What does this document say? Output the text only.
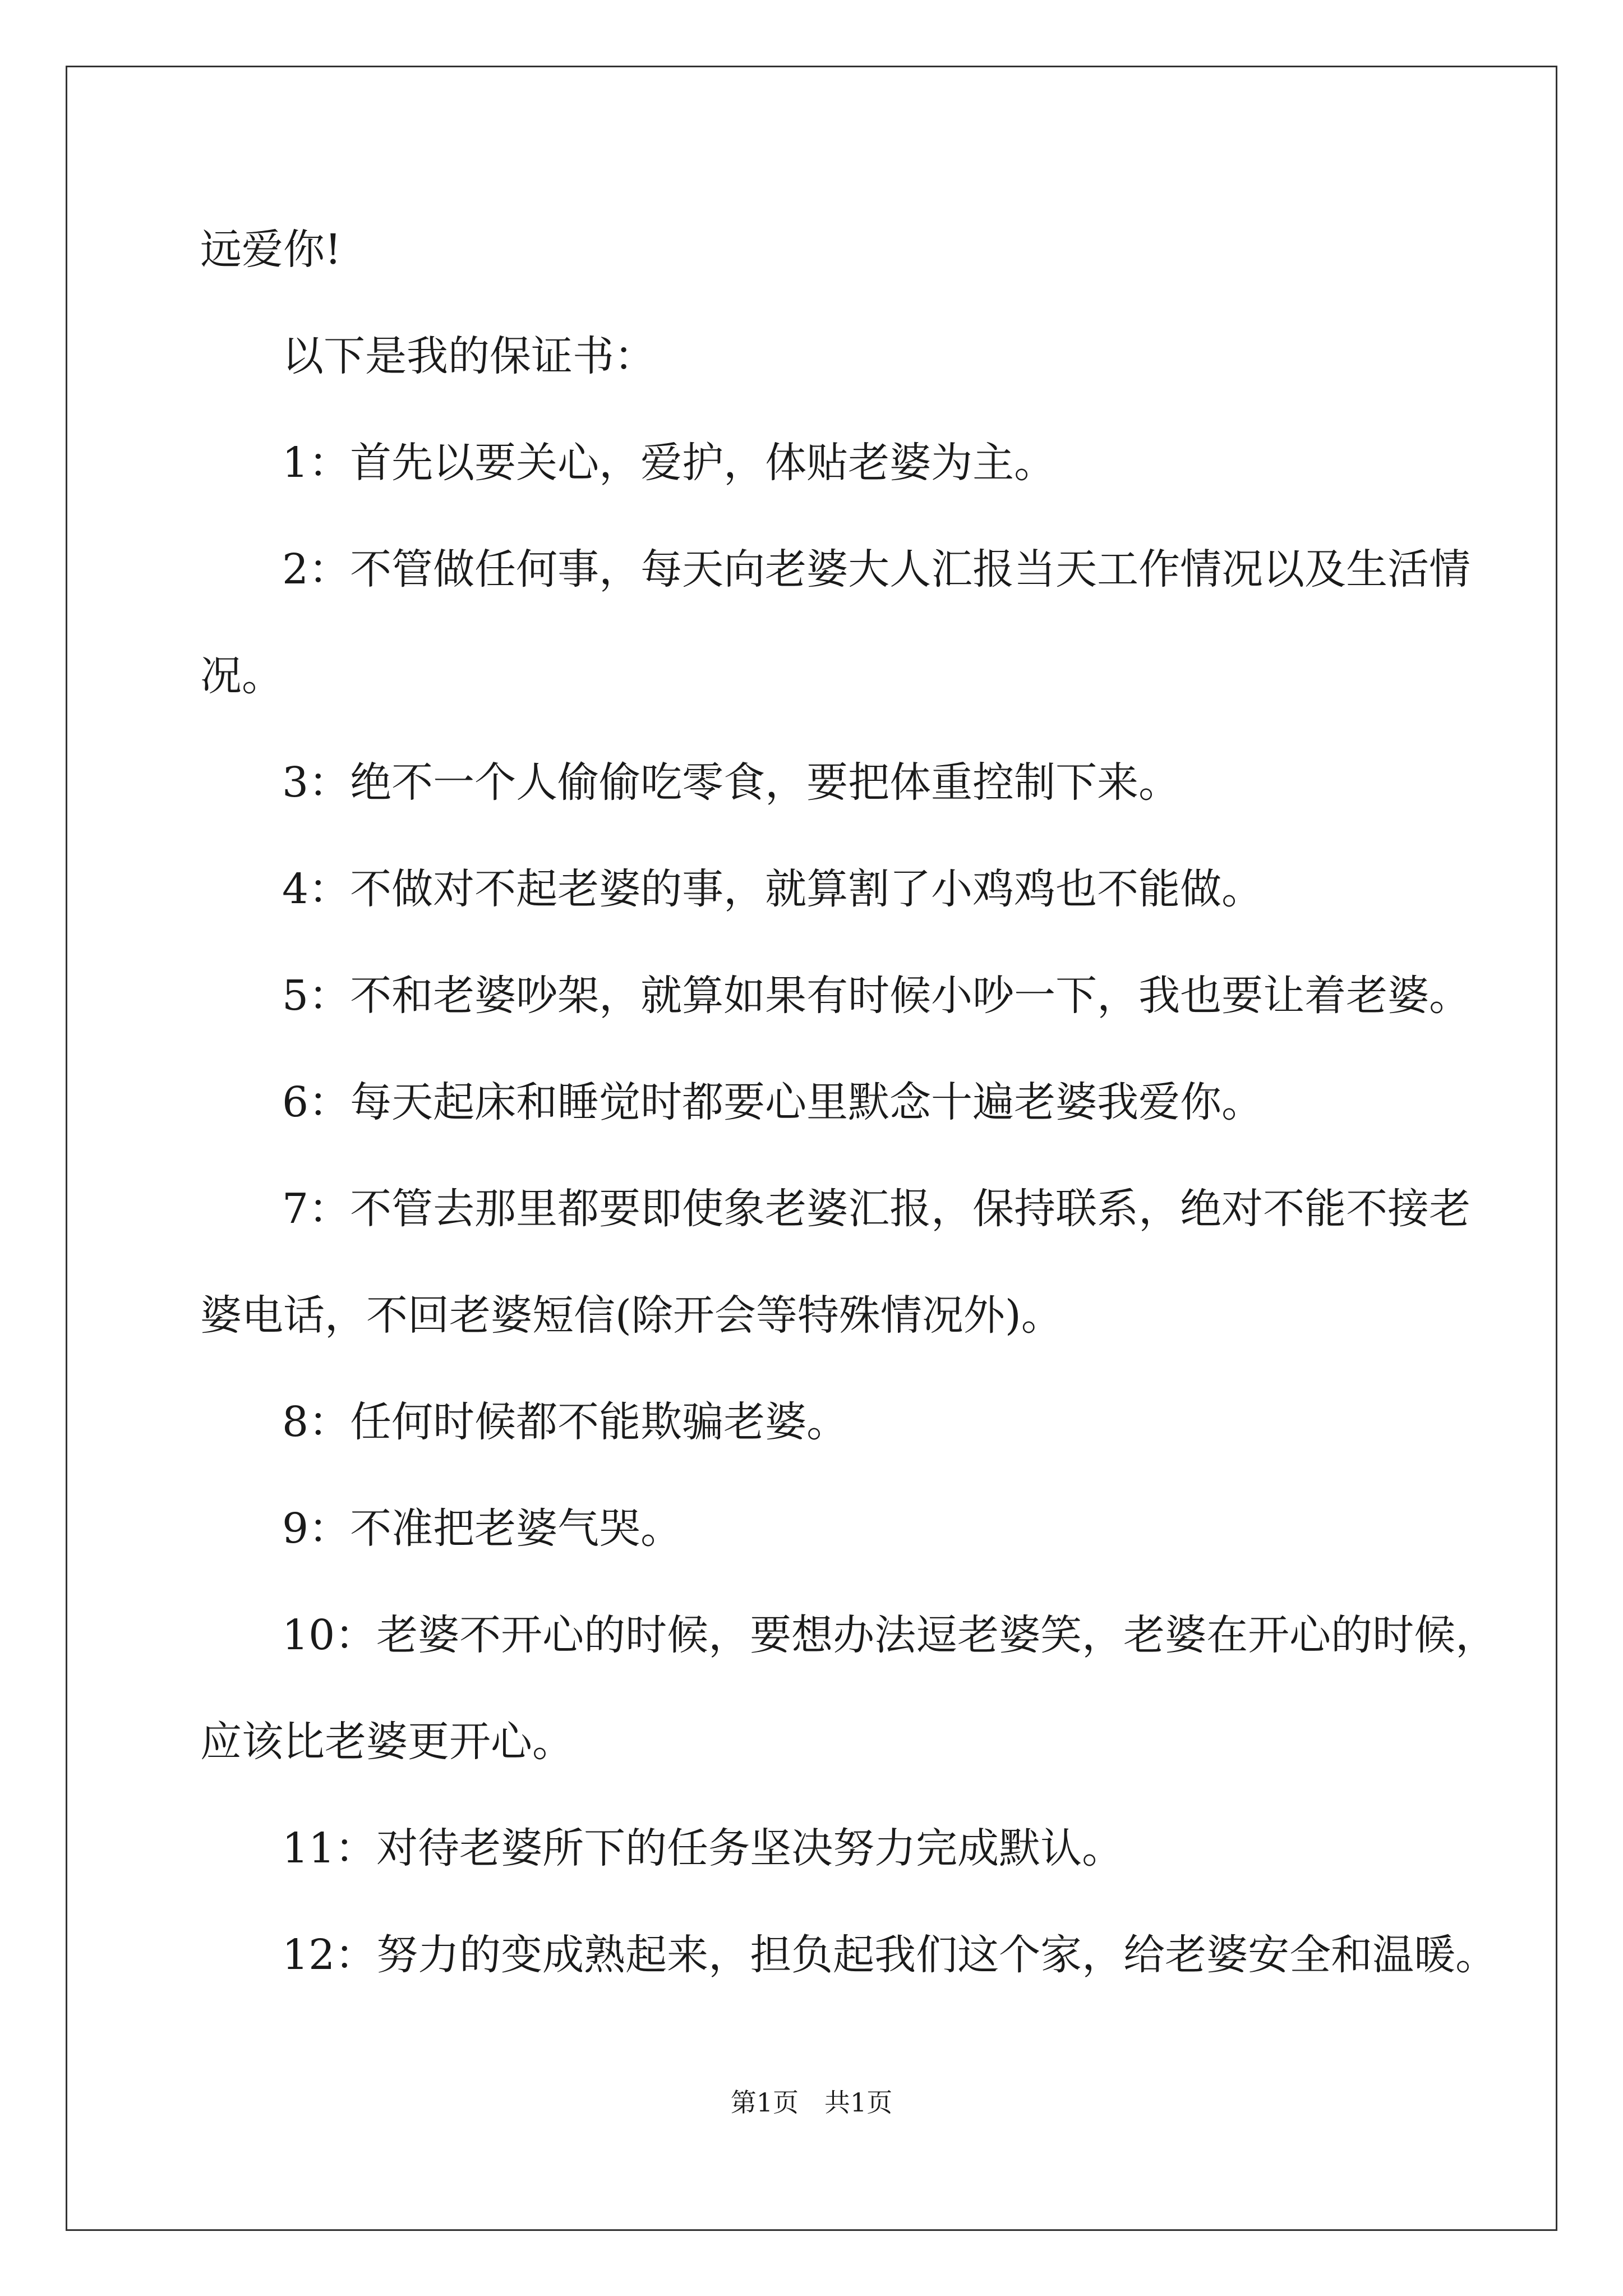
远爱你!
以下是我的保证书：
1：首先以要关心，爱护，体贴老婆为主。
2：不管做任何事，每天向老婆大人汇报当天工作情况以及生活情
况。
3：绝不一个人偷偷吃零食，要把体重控制下来。
4：不做对不起老婆的事，就算割了小鸡鸡也不能做。
5：不和老婆吵架，就算如果有时候小吵一下，我也要让着老婆。
6：每天起床和睡觉时都要心里默念十遍老婆我爱你。
7：不管去那里都要即使象老婆汇报，保持联系，绝对不能不接老
婆电话，不回老婆短信(除开会等特殊情况外)。
8：任何时候都不能欺骗老婆。
9：不准把老婆气哭。
10：老婆不开心的时候，要想办法逗老婆笑，老婆在开心的时候，
应该比老婆更开心。
11：对待老婆所下的任务坚决努力完成默认。
12：努力的变成熟起来，担负起我们这个家，给老婆安全和温暖。
第1页 共1页
